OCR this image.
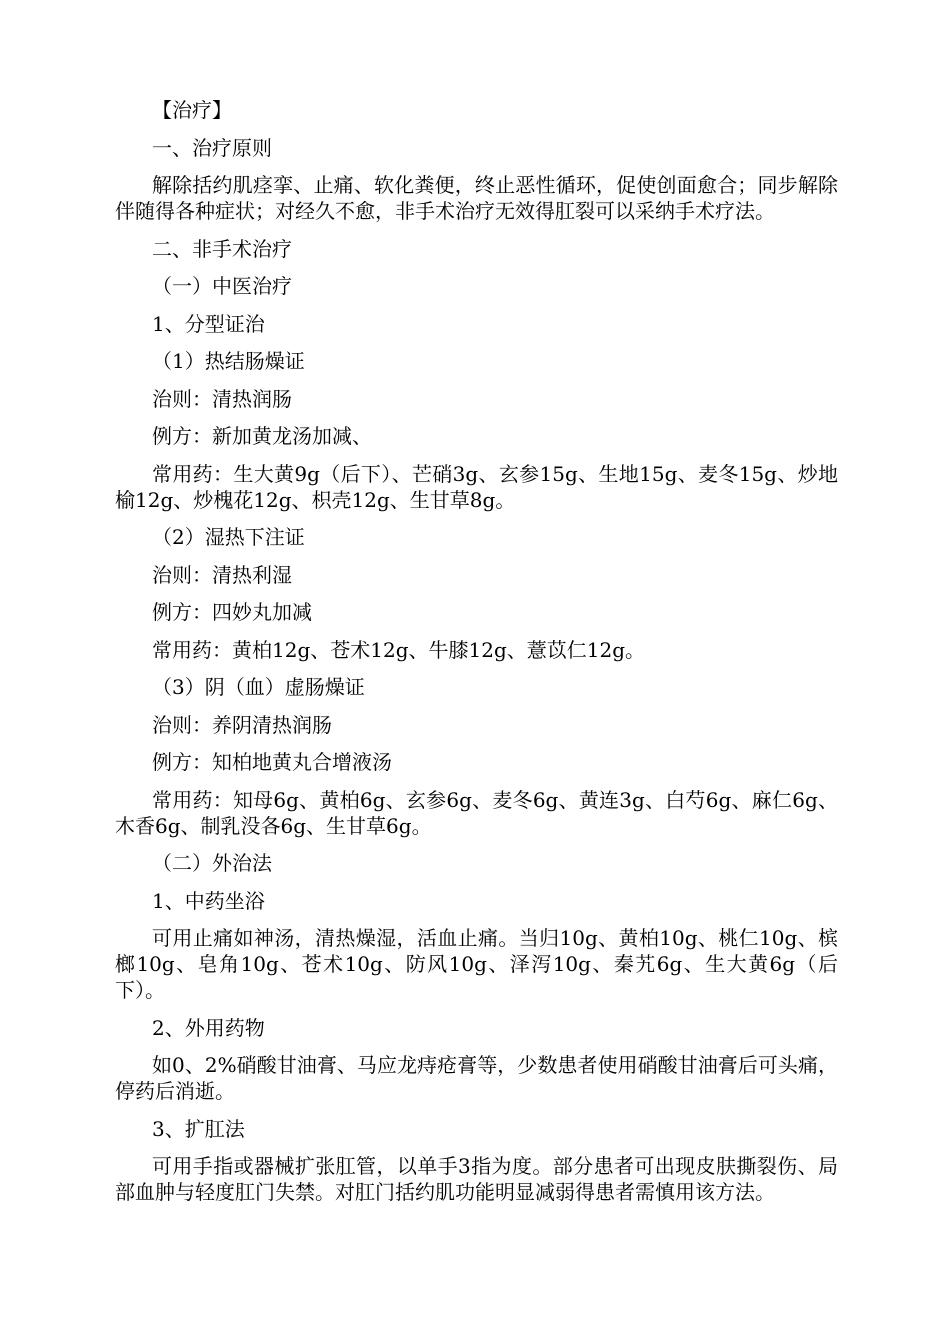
【治疗】

一、治疗原则

解除括约肌痉挛、止痛、软化粪便，终止恶性循环，促使创面愈合；同步解除伴随得各种症状；对经久不愈，非手术治疗无效得肛裂可以采纳手术疗法。

二、非手术治疗

（一）中医治疗

1、分型证治

（1）热结肠燥证

治则：清热润肠

例方：新加黄龙汤加减、

常用药：生大黄9g（后下）、芒硝3g、玄参15g、生地15g、麦冬15g、炒地榆12g、炒槐花12g、枳壳12g、生甘草8g。

（2）湿热下注证

治则：清热利湿

例方：四妙丸加减

常用药：黄柏12g、苍术12g、牛膝12g、薏苡仁12g。

（3）阴（血）虚肠燥证

治则：养阴清热润肠

例方：知柏地黄丸合增液汤

常用药：知母6g、黄柏6g、玄参6g、麦冬6g、黄连3g、白芍6g、麻仁6g、木香6g、制乳没各6g、生甘草6g。

（二）外治法

1、中药坐浴

可用止痛如神汤，清热燥湿，活血止痛。当归10g、黄柏10g、桃仁10g、槟榔10g、皂角10g、苍术10g、防风10g、泽泻10g、秦艽6g、生大黄6g（后下）。

2、外用药物

如0、2%硝酸甘油膏、马应龙痔疮膏等，少数患者使用硝酸甘油膏后可头痛，停药后消逝。

3、扩肛法

可用手指或器械扩张肛管，以单手3指为度。部分患者可出现皮肤撕裂伤、局部血肿与轻度肛门失禁。对肛门括约肌功能明显减弱得患者需慎用该方法。
